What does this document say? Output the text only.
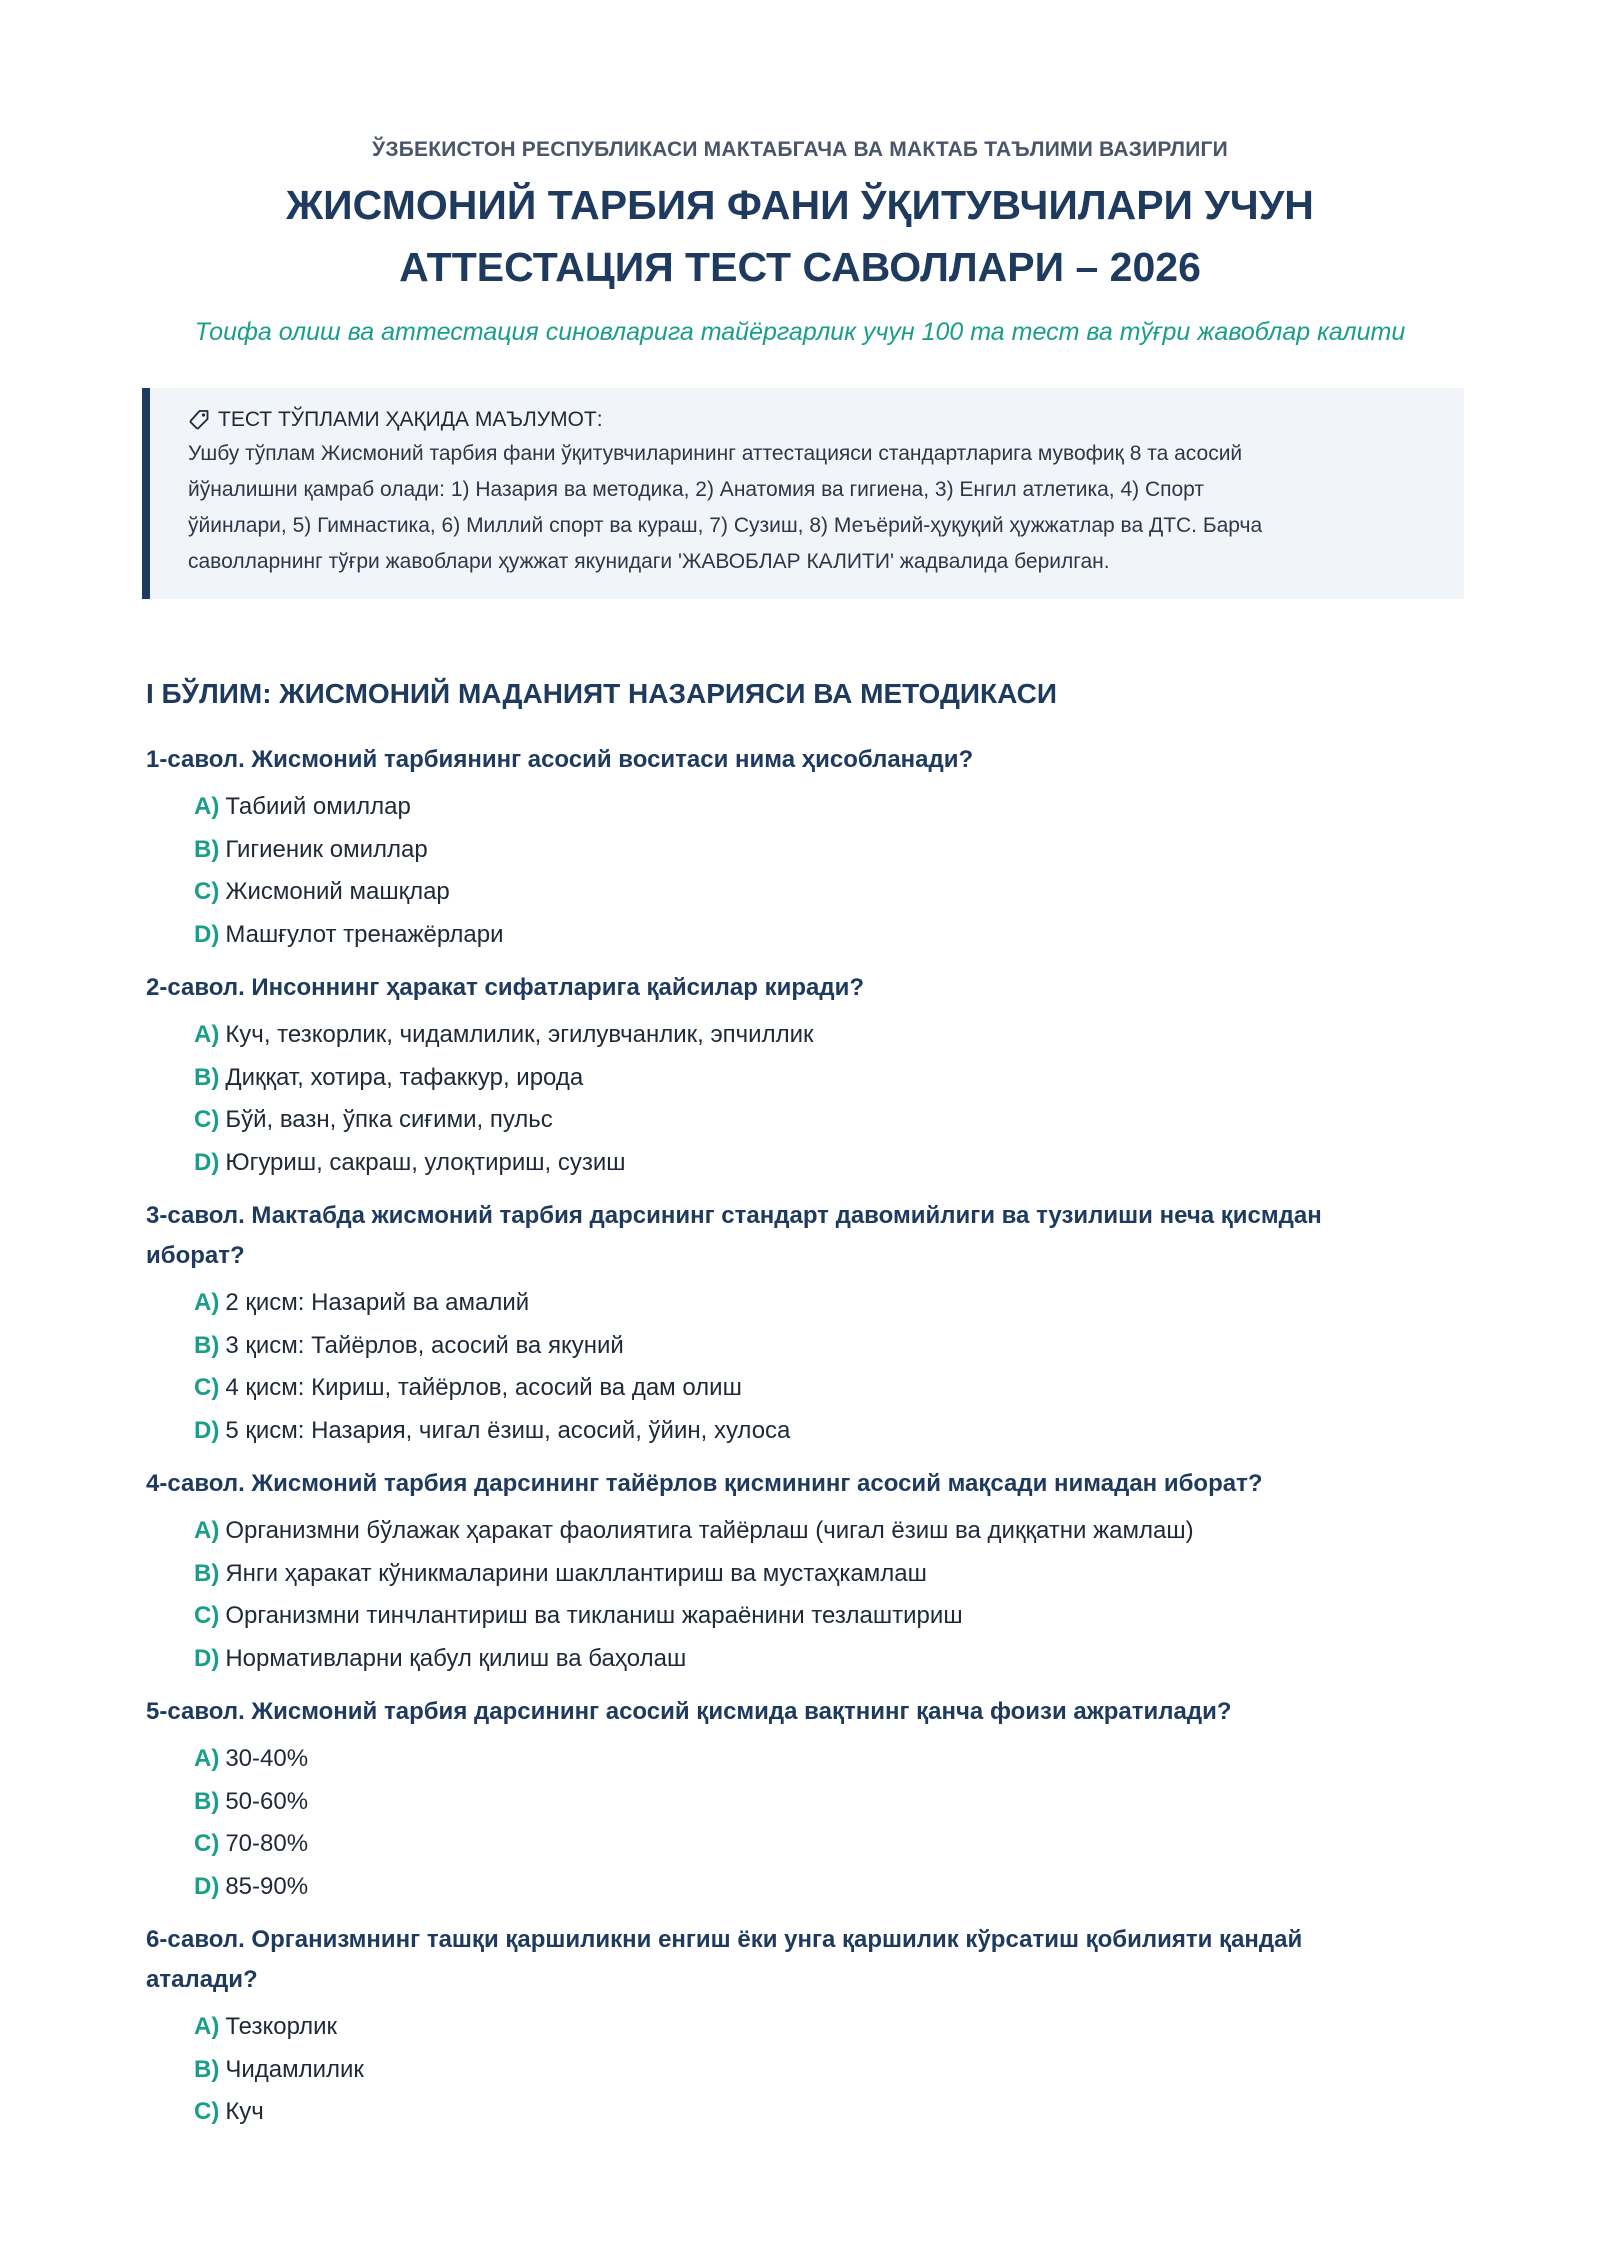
ЎЗБЕКИСТОН РЕСПУБЛИКАСИ МАКТАБГАЧА ВА МАКТАБ ТАЪЛИМИ ВАЗИРЛИГИ
ЖИСМОНИЙ ТАРБИЯ ФАНИ ЎҚИТУВЧИЛАРИ УЧУН
АТТЕСТАЦИЯ ТЕСТ САВОЛЛАРИ – 2026
Тоифа олиш ва аттестация синовларига тайёргарлик учун 100 та тест ва тўғри жавоблар калити
ТЕСТ ТЎПЛАМИ ҲАҚИДА МАЪЛУМОТ:
Ушбу тўплам Жисмоний тарбия фани ўқитувчиларининг аттестацияси стандартларига мувофиқ 8 та асосий
йўналишни қамраб олади: 1) Назария ва методика, 2) Анатомия ва гигиена, 3) Енгил атлетика, 4) Спорт
ўйинлари, 5) Гимнастика, 6) Миллий спорт ва кураш, 7) Сузиш, 8) Меъёрий-ҳуқуқий ҳужжатлар ва ДТС. Барча
саволларнинг тўғри жавоблари ҳужжат якунидаги 'ЖАВОБЛАР КАЛИТИ' жадвалида берилган.
I БЎЛИМ: ЖИСМОНИЙ МАДАНИЯТ НАЗАРИЯСИ ВА МЕТОДИКАСИ
1-савол. Жисмоний тарбиянинг асосий воситаси нима ҳисобланади?
A) Табиий омиллар
B) Гигиеник омиллар
C) Жисмоний машқлар
D) Машғулот тренажёрлари
2-савол. Инсоннинг ҳаракат сифатларига қайсилар киради?
A) Куч, тезкорлик, чидамлилик, эгилувчанлик, эпчиллик
B) Диққат, хотира, тафаккур, ирода
C) Бўй, вазн, ўпка сиғими, пульс
D) Югуриш, сакраш, улоқтириш, сузиш
3-савол. Мактабда жисмоний тарбия дарсининг стандарт давомийлиги ва тузилиши неча қисмдан
иборат?
A) 2 қисм: Назарий ва амалий
B) 3 қисм: Тайёрлов, асосий ва якуний
C) 4 қисм: Кириш, тайёрлов, асосий ва дам олиш
D) 5 қисм: Назария, чигал ёзиш, асосий, ўйин, хулоса
4-савол. Жисмоний тарбия дарсининг тайёрлов қисмининг асосий мақсади нимадан иборат?
A) Организмни бўлажак ҳаракат фаолиятига тайёрлаш (чигал ёзиш ва диққатни жамлаш)
B) Янги ҳаракат кўникмаларини шакллантириш ва мустаҳкамлаш
C) Организмни тинчлантириш ва тикланиш жараёнини тезлаштириш
D) Нормативларни қабул қилиш ва баҳолаш
5-савол. Жисмоний тарбия дарсининг асосий қисмида вақтнинг қанча фоизи ажратилади?
A) 30-40%
B) 50-60%
C) 70-80%
D) 85-90%
6-савол. Организмнинг ташқи қаршиликни енгиш ёки унга қаршилик кўрсатиш қобилияти қандай
аталади?
A) Тезкорлик
B) Чидамлилик
C) Куч
